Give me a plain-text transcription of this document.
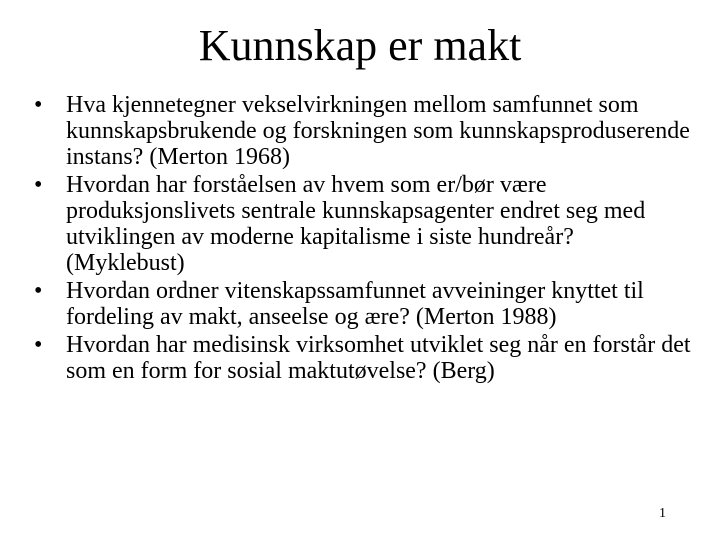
Kunnskap er makt
• Hva kjennetegner vekselvirkningen mellom samfunnet som kunnskapsbrukende og forskningen som kunnskapsproduserende instans? (Merton 1968)
• Hvordan har forståelsen av hvem som er/bør være produksjonslivets sentrale kunnskapsagenter endret seg med utviklingen av moderne kapitalisme i siste hundreår? (Myklebust)
• Hvordan ordner vitenskapssamfunnet avveininger knyttet til fordeling av makt, anseelse og ære? (Merton 1988)
• Hvordan har medisinsk virksomhet utviklet seg når en forstår det som en form for sosial maktutøvelse? (Berg)
1
